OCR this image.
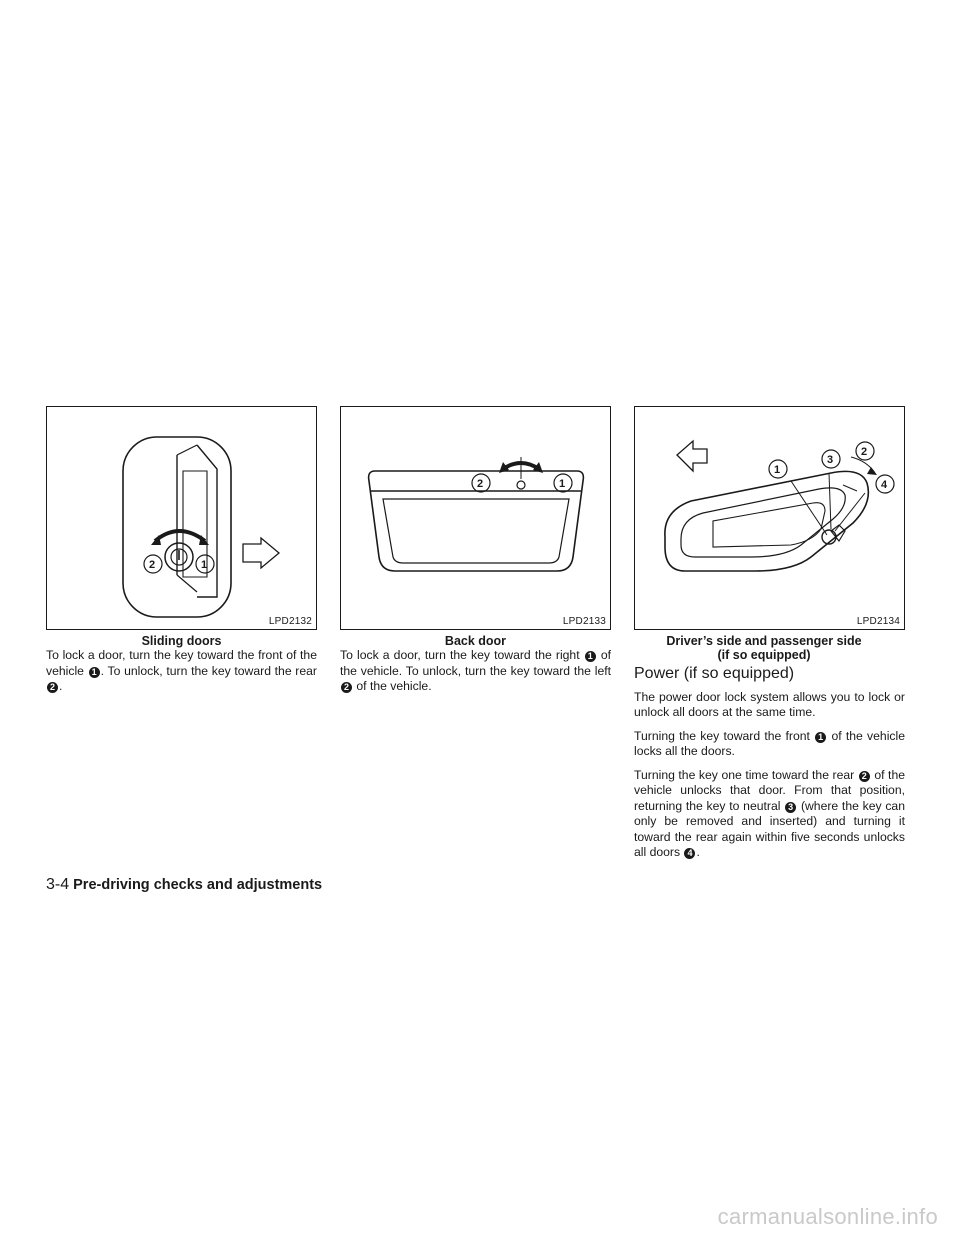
2	1
LPD2132
Sliding doors

To lock a door, turn the key toward the front of the vehicle 1 . To unlock, turn the key toward the rear 2 .

2	1
LPD2133
Back door

To lock a door, turn the key toward the right 1 of the vehicle. To unlock, turn the key toward the left 2 of the vehicle.

1
3
2
4
LPD2134
Driver’s side and passenger side
(if so equipped)
Power (if so equipped)

The power door lock system allows you to lock or unlock all doors at the same time.

Turning the key toward the front 1 of the vehicle locks all the doors.

Turning the key one time toward the rear 2 of the vehicle unlocks that door. From that position, returning the key to neutral 3 (where the key can only be removed and inserted) and turning it toward the rear again within five seconds unlocks all doors 4 .

3-4 Pre-driving checks and adjustments
carmanualsonline.info
